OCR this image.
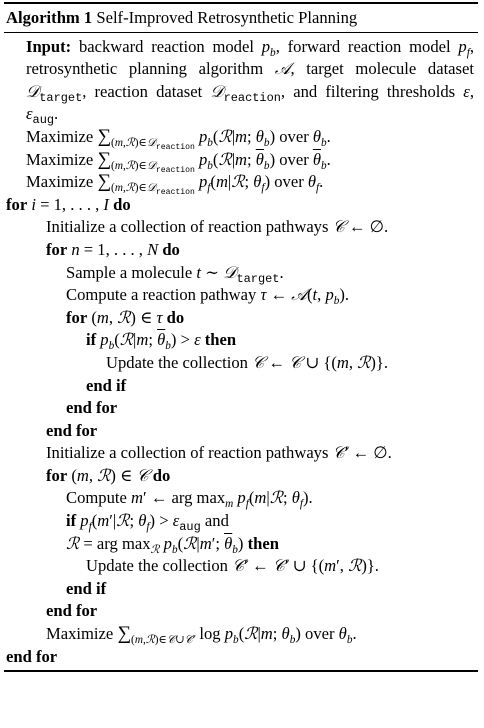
Algorithm 1 Self-Improved Retrosynthetic Planning
Input: backward reaction model $p_b$, forward reaction model $p_f$, retrosynthetic planning algorithm 𝒜, target molecule dataset 𝒟$_{target}$, reaction dataset 𝒟$_{reaction}$, and filtering thresholds ε, $\varepsilon_{aug}$.
Maximize $\sum_{(m,ℛ)\in 𝒟_{reaction}}$ $p_b(ℛ|m$; $\theta_b$) over $\theta_b$.
Maximize $\sum_{(m,ℛ)\in 𝒟_{reaction}}$ $p_b(ℛ|m$; $\overline{\theta}_b$) over $\overline{\theta}_b$.
Maximize $\sum_{(m,ℛ)\in 𝒟_{reaction}}$ $p_f(m|ℛ$; $\theta_f$) over $\theta_f$.
for i = 1, . . . , I do
Initialize a collection of reaction pathways 𝒞 ← ∅.
for n = 1, . . . , N do
Sample a molecule t ∼ 𝒟$_{target}$.
Compute a reaction pathway τ ← 𝒜(t, $p_b$).
for (m, ℛ) ∈ τ do
if $p_b(ℛ|m$; $\overline{\theta}_b) > \varepsilon$ then
Update the collection 𝒞 ← 𝒞 ∪ {(m, ℛ)}.
end if
end for
end for
Initialize a collection of reaction pathways 𝒞′ ← ∅.
for (m, ℛ) ∈ 𝒞 do
Compute m′ ← arg $\max_m$ $p_f(m|ℛ$; $\theta_f$).
if $p_f(m'|ℛ$; $\theta_f) > \varepsilon_{aug}$ and
ℛ = arg $\max_ℛ$ $p_b(ℛ|m'$; $\overline{\theta}_b$) then
Update the collection 𝒞′ ← 𝒞′ ∪ {(m′, ℛ)}.
end if
end for
Maximize $\sum_{(m,ℛ)\in 𝒞\cup 𝒞'}$ $\log p_b(ℛ|m$; $\theta_b$) over $\theta_b$.
end for
